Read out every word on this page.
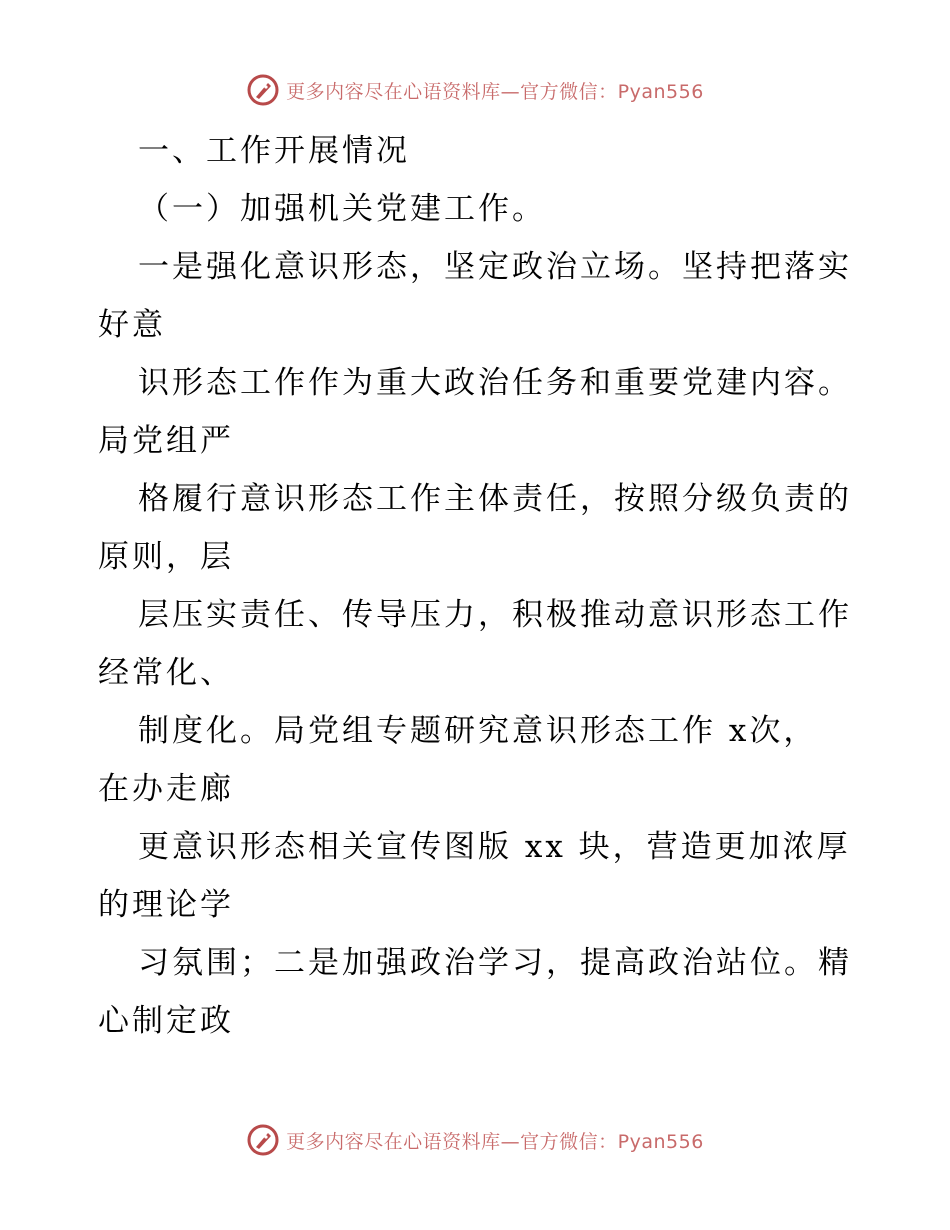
更多内容尽在心语资料库—官方微信：Pyan556
一、工作开展情况
（一）加强机关党建工作。
一是强化意识形态，坚定政治立场。坚持把落实
好意
识形态工作作为重大政治任务和重要党建内容。
局党组严
格履行意识形态工作主体责任，按照分级负责的
原则，层
层压实责任、传导压力，积极推动意识形态工作
经常化、
制度化。局党组专题研究意识形态工作 x次，
在办走廊
更意识形态相关宣传图版 xx 块，营造更加浓厚
的理论学
习氛围；二是加强政治学习，提高政治站位。精
心制定政
更多内容尽在心语资料库—官方微信：Pyan556
